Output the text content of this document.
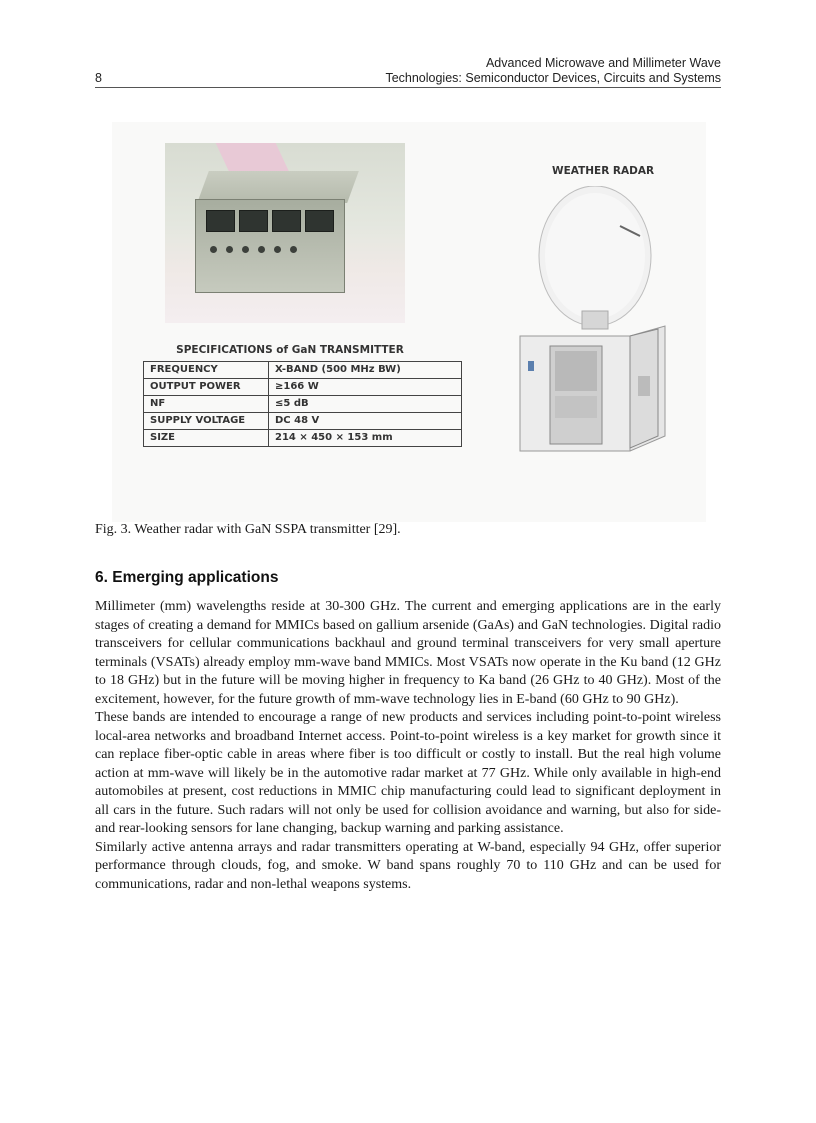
8
Advanced Microwave and Millimeter Wave
Technologies: Semiconductor Devices, Circuits and Systems
SPECIFICATIONS of GaN TRANSMITTER
FREQUENCY	X-BAND (500 MHz BW)
OUTPUT POWER	≥166 W
NF	≤5 dB
SUPPLY VOLTAGE	DC 48 V
SIZE	214 × 450 × 153 mm
WEATHER RADAR
Fig. 3. Weather radar with GaN SSPA transmitter [29].
6. Emerging applications

Millimeter (mm) wavelengths reside at 30-300 GHz. The current and emerging applications are in the early stages of creating a demand for MMICs based on gallium arsenide (GaAs) and GaN technologies. Digital radio transceivers for cellular communications backhaul and ground terminal transceivers for very small aperture terminals (VSATs) already employ mm-wave band MMICs. Most VSATs now operate in the Ku band (12 GHz to 18 GHz) but in the future will be moving higher in frequency to Ka band (26 GHz to 40 GHz). Most of the excitement, however, for the future growth of mm-wave technology lies in E-band (60 GHz to 90 GHz).

These bands are intended to encourage a range of new products and services including point-to-point wireless local-area networks and broadband Internet access. Point-to-point wireless is a key market for growth since it can replace fiber-optic cable in areas where fiber is too difficult or costly to install. But the real high volume action at mm-wave will likely be in the automotive radar market at 77 GHz. While only available in high-end automobiles at present, cost reductions in MMIC chip manufacturing could lead to significant deployment in all cars in the future. Such radars will not only be used for collision avoidance and warning, but also for side- and rear-looking sensors for lane changing, backup warning and parking assistance.

Similarly active antenna arrays and radar transmitters operating at W-band, especially 94 GHz, offer superior performance through clouds, fog, and smoke. W band spans roughly 70 to 110 GHz and can be used for communications, radar and non-lethal weapons systems.
